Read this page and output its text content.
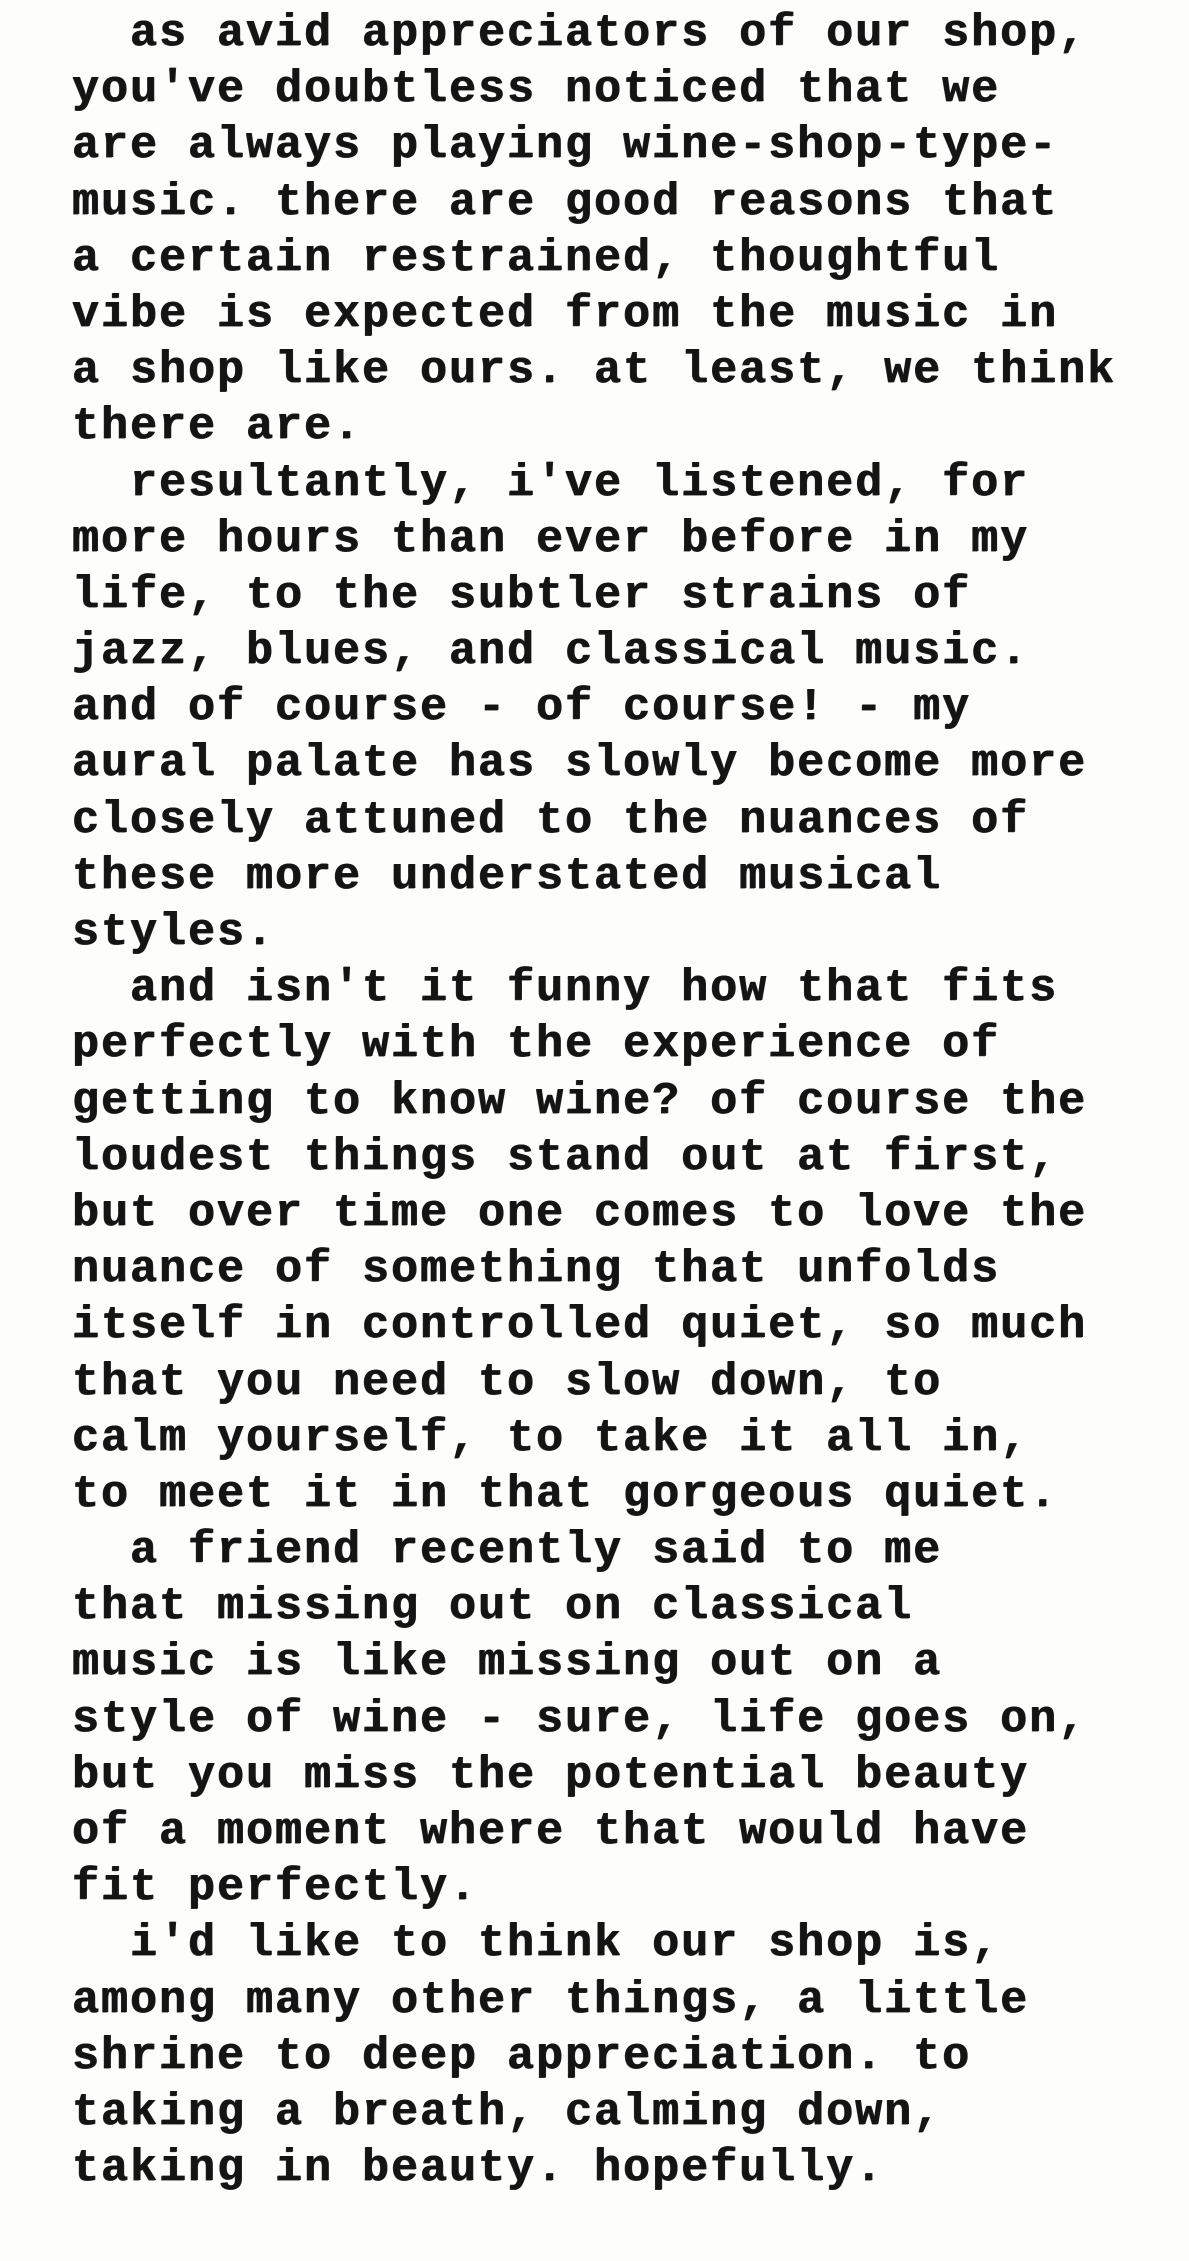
as avid appreciators of our shop,
you've doubtless noticed that we
are always playing wine-shop-type-
music. there are good reasons that
a certain restrained, thoughtful
vibe is expected from the music in
a shop like ours. at least, we think
there are.
resultantly, i've listened, for
more hours than ever before in my
life, to the subtler strains of
jazz, blues, and classical music.
and of course - of course! - my
aural palate has slowly become more
closely attuned to the nuances of
these more understated musical
styles.
and isn't it funny how that fits
perfectly with the experience of
getting to know wine? of course the
loudest things stand out at first,
but over time one comes to love the
nuance of something that unfolds
itself in controlled quiet, so much
that you need to slow down, to
calm yourself, to take it all in,
to meet it in that gorgeous quiet.
a friend recently said to me
that missing out on classical
music is like missing out on a
style of wine - sure, life goes on,
but you miss the potential beauty
of a moment where that would have
fit perfectly.
i'd like to think our shop is,
among many other things, a little
shrine to deep appreciation. to
taking a breath, calming down,
taking in beauty. hopefully.
